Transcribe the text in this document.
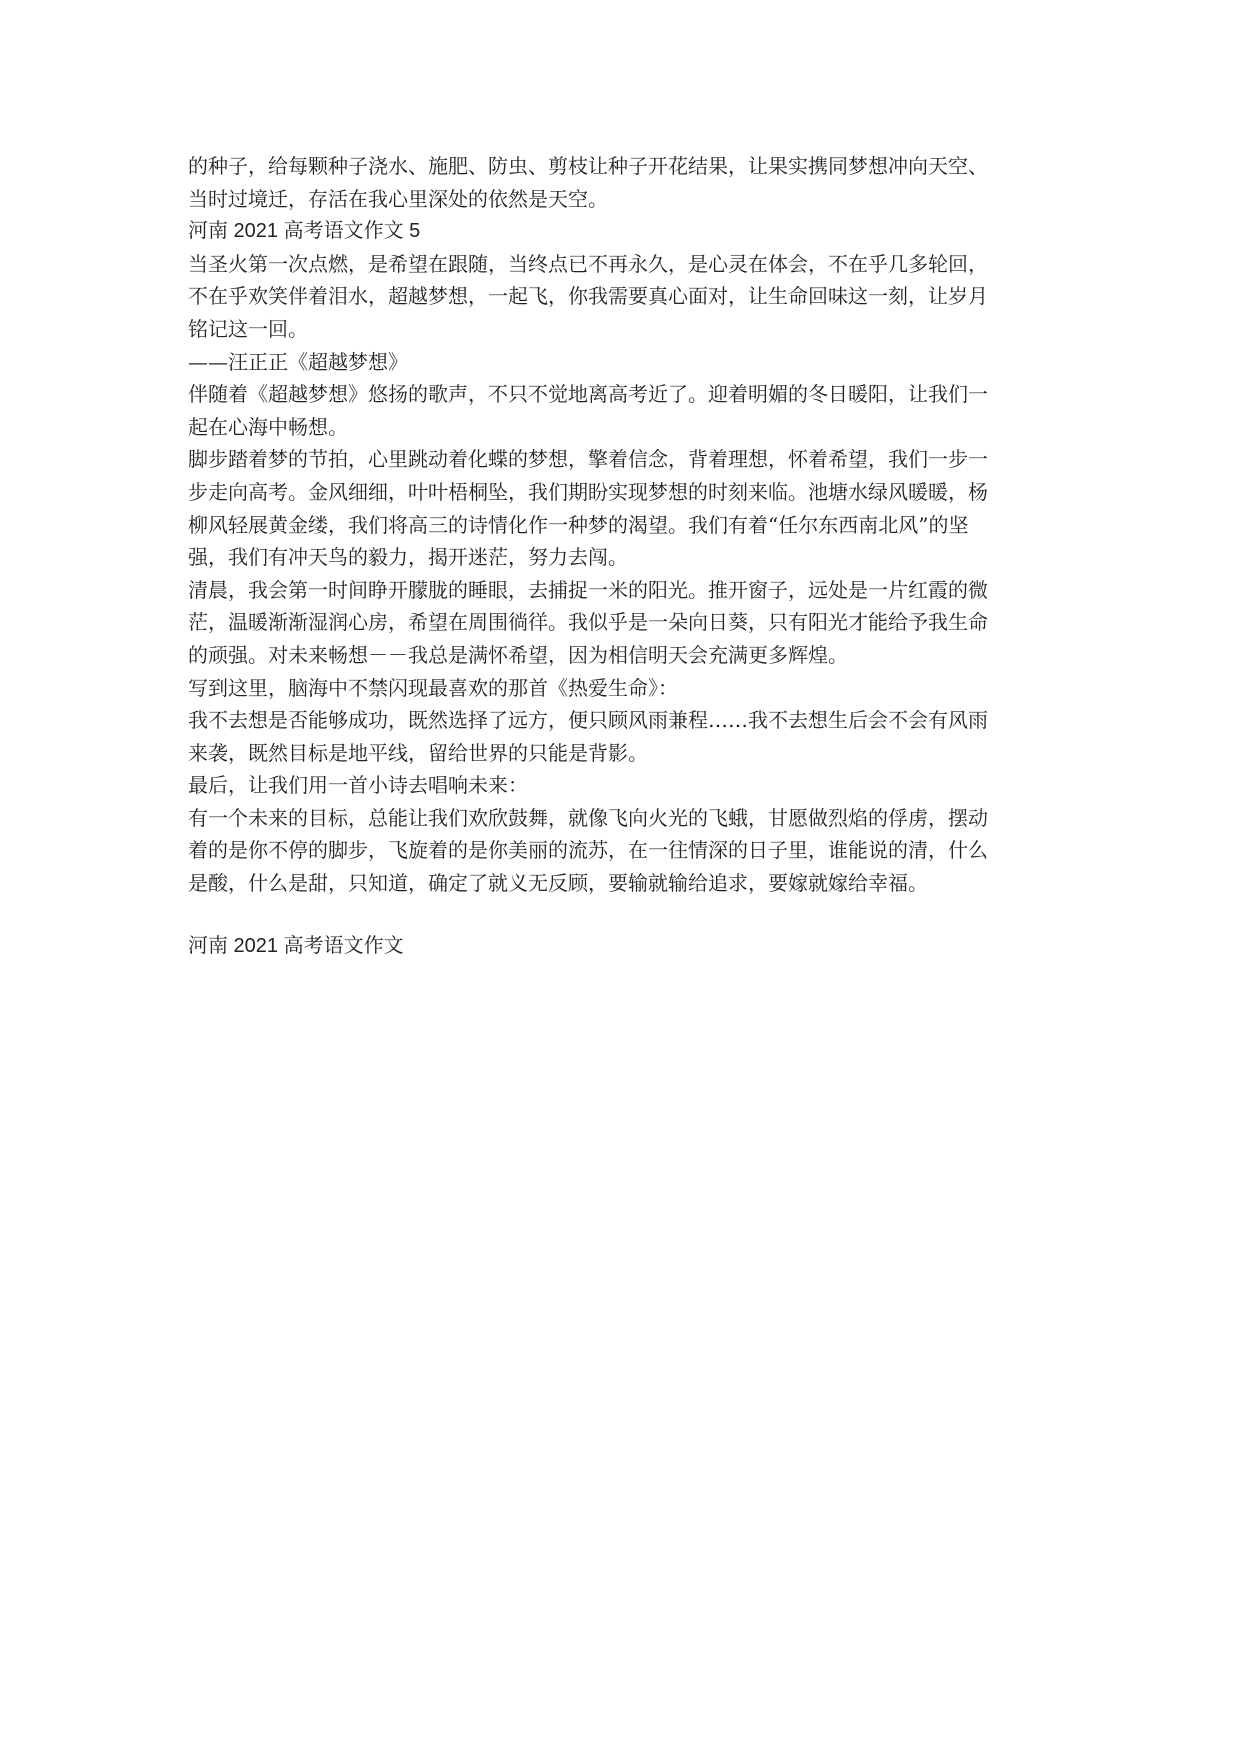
的种子，给每颗种子浇水、施肥、防虫、剪枝让种子开花结果，让果实携同梦想冲向天空、
当时过境迁，存活在我心里深处的依然是天空。
河南 2021 高考语文作文 5
当圣火第一次点燃，是希望在跟随，当终点已不再永久，是心灵在体会，不在乎几多轮回，
不在乎欢笑伴着泪水，超越梦想，一起飞，你我需要真心面对，让生命回味这一刻，让岁月
铭记这一回。
——汪正正《超越梦想》
伴随着《超越梦想》悠扬的歌声，不只不觉地离高考近了。迎着明媚的冬日暖阳，让我们一
起在心海中畅想。
脚步踏着梦的节拍，心里跳动着化蝶的梦想，擎着信念，背着理想，怀着希望，我们一步一
步走向高考。金风细细，叶叶梧桐坠，我们期盼实现梦想的时刻来临。池塘水绿风暖暖，杨
柳风轻展黄金缕，我们将高三的诗情化作一种梦的渴望。我们有着“任尔东西南北风”的坚
强，我们有冲天鸟的毅力，揭开迷茫，努力去闯。
清晨，我会第一时间睁开朦胧的睡眼，去捕捉一米的阳光。推开窗子，远处是一片红霞的微
茫，温暖渐渐湿润心房，希望在周围徜徉。我似乎是一朵向日葵，只有阳光才能给予我生命
的顽强。对未来畅想－－我总是满怀希望，因为相信明天会充满更多辉煌。
写到这里，脑海中不禁闪现最喜欢的那首《热爱生命》：
我不去想是否能够成功，既然选择了远方，便只顾风雨兼程……我不去想生后会不会有风雨
来袭，既然目标是地平线，留给世界的只能是背影。
最后，让我们用一首小诗去唱响未来：
有一个未来的目标，总能让我们欢欣鼓舞，就像飞向火光的飞蛾，甘愿做烈焰的俘虏，摆动
着的是你不停的脚步，飞旋着的是你美丽的流苏，在一往情深的日子里，谁能说的清，什么
是酸，什么是甜，只知道，确定了就义无反顾，要输就输给追求，要嫁就嫁给幸福。
河南 2021 高考语文作文
